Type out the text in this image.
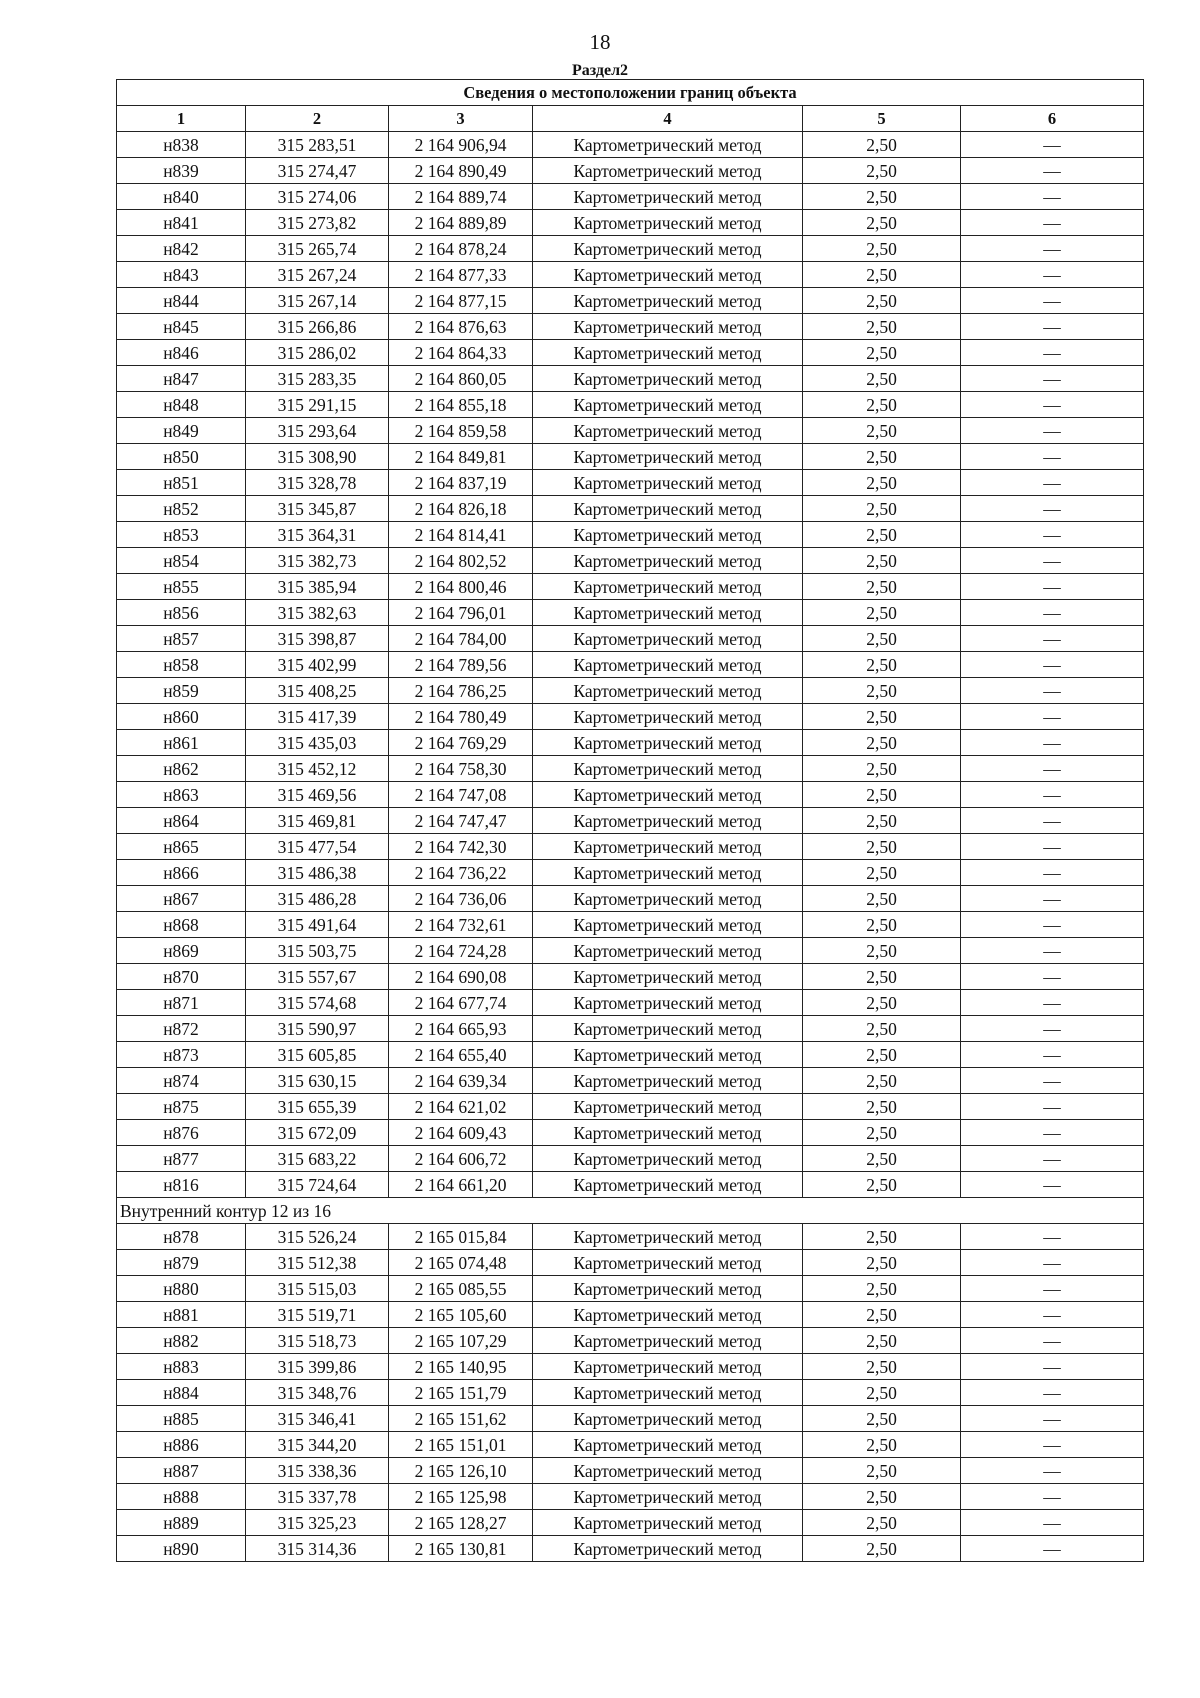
18
Раздел2
Сведения о местоположении границ объекта					
1	2	3	4	5	6
н838	315 283,51	2 164 906,94	Картометрический метод	2,50	—
н839	315 274,47	2 164 890,49	Картометрический метод	2,50	—
н840	315 274,06	2 164 889,74	Картометрический метод	2,50	—
н841	315 273,82	2 164 889,89	Картометрический метод	2,50	—
н842	315 265,74	2 164 878,24	Картометрический метод	2,50	—
н843	315 267,24	2 164 877,33	Картометрический метод	2,50	—
н844	315 267,14	2 164 877,15	Картометрический метод	2,50	—
н845	315 266,86	2 164 876,63	Картометрический метод	2,50	—
н846	315 286,02	2 164 864,33	Картометрический метод	2,50	—
н847	315 283,35	2 164 860,05	Картометрический метод	2,50	—
н848	315 291,15	2 164 855,18	Картометрический метод	2,50	—
н849	315 293,64	2 164 859,58	Картометрический метод	2,50	—
н850	315 308,90	2 164 849,81	Картометрический метод	2,50	—
н851	315 328,78	2 164 837,19	Картометрический метод	2,50	—
н852	315 345,87	2 164 826,18	Картометрический метод	2,50	—
н853	315 364,31	2 164 814,41	Картометрический метод	2,50	—
н854	315 382,73	2 164 802,52	Картометрический метод	2,50	—
н855	315 385,94	2 164 800,46	Картометрический метод	2,50	—
н856	315 382,63	2 164 796,01	Картометрический метод	2,50	—
н857	315 398,87	2 164 784,00	Картометрический метод	2,50	—
н858	315 402,99	2 164 789,56	Картометрический метод	2,50	—
н859	315 408,25	2 164 786,25	Картометрический метод	2,50	—
н860	315 417,39	2 164 780,49	Картометрический метод	2,50	—
н861	315 435,03	2 164 769,29	Картометрический метод	2,50	—
н862	315 452,12	2 164 758,30	Картометрический метод	2,50	—
н863	315 469,56	2 164 747,08	Картометрический метод	2,50	—
н864	315 469,81	2 164 747,47	Картометрический метод	2,50	—
н865	315 477,54	2 164 742,30	Картометрический метод	2,50	—
н866	315 486,38	2 164 736,22	Картометрический метод	2,50	—
н867	315 486,28	2 164 736,06	Картометрический метод	2,50	—
н868	315 491,64	2 164 732,61	Картометрический метод	2,50	—
н869	315 503,75	2 164 724,28	Картометрический метод	2,50	—
н870	315 557,67	2 164 690,08	Картометрический метод	2,50	—
н871	315 574,68	2 164 677,74	Картометрический метод	2,50	—
н872	315 590,97	2 164 665,93	Картометрический метод	2,50	—
н873	315 605,85	2 164 655,40	Картометрический метод	2,50	—
н874	315 630,15	2 164 639,34	Картометрический метод	2,50	—
н875	315 655,39	2 164 621,02	Картометрический метод	2,50	—
н876	315 672,09	2 164 609,43	Картометрический метод	2,50	—
н877	315 683,22	2 164 606,72	Картометрический метод	2,50	—
н816	315 724,64	2 164 661,20	Картометрический метод	2,50	—
Внутренний контур 12 из 16					
н878	315 526,24	2 165 015,84	Картометрический метод	2,50	—
н879	315 512,38	2 165 074,48	Картометрический метод	2,50	—
н880	315 515,03	2 165 085,55	Картометрический метод	2,50	—
н881	315 519,71	2 165 105,60	Картометрический метод	2,50	—
н882	315 518,73	2 165 107,29	Картометрический метод	2,50	—
н883	315 399,86	2 165 140,95	Картометрический метод	2,50	—
н884	315 348,76	2 165 151,79	Картометрический метод	2,50	—
н885	315 346,41	2 165 151,62	Картометрический метод	2,50	—
н886	315 344,20	2 165 151,01	Картометрический метод	2,50	—
н887	315 338,36	2 165 126,10	Картометрический метод	2,50	—
н888	315 337,78	2 165 125,98	Картометрический метод	2,50	—
н889	315 325,23	2 165 128,27	Картометрический метод	2,50	—
н890	315 314,36	2 165 130,81	Картометрический метод	2,50	—
